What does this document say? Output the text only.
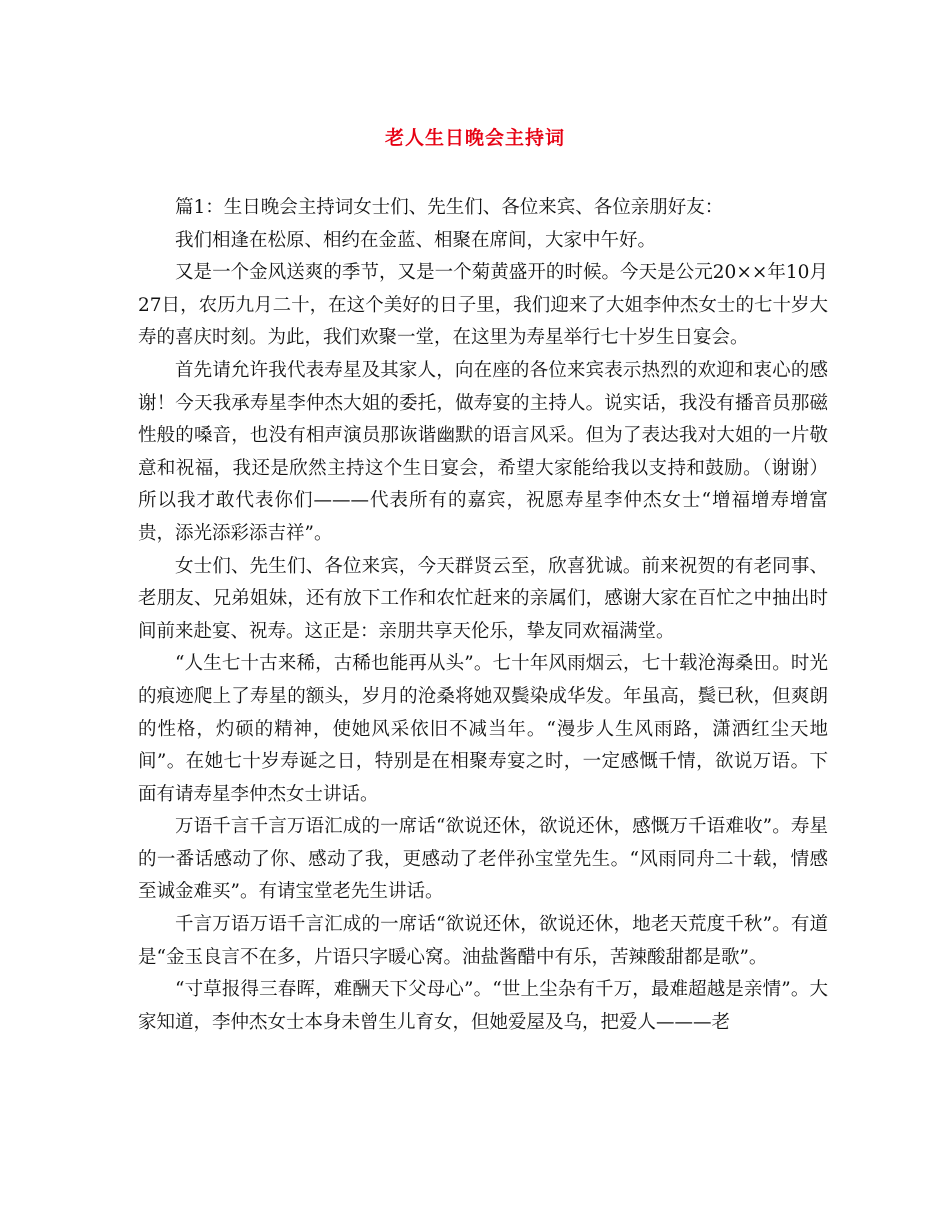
老人生日晚会主持词

篇1：生日晚会主持词女士们、先生们、各位来宾、各位亲朋好友：

我们相逢在松原、相约在金蓝、相聚在席间，大家中午好。

又是一个金风送爽的季节，又是一个菊黄盛开的时候。今天是公元20××年10月27日，农历九月二十，在这个美好的日子里，我们迎来了大姐李仲杰女士的七十岁大寿的喜庆时刻。为此，我们欢聚一堂，在这里为寿星举行七十岁生日宴会。

首先请允许我代表寿星及其家人，向在座的各位来宾表示热烈的欢迎和衷心的感谢！今天我承寿星李仲杰大姐的委托，做寿宴的主持人。说实话，我没有播音员那磁性般的嗓音，也没有相声演员那诙谐幽默的语言风采。但为了表达我对大姐的一片敬意和祝福，我还是欣然主持这个生日宴会，希望大家能给我以支持和鼓励。（谢谢）所以我才敢代表你们———代表所有的嘉宾，祝愿寿星李仲杰女士“增福增寿增富贵，添光添彩添吉祥”。

女士们、先生们、各位来宾，今天群贤云至，欣喜犹诚。前来祝贺的有老同事、老朋友、兄弟姐妹，还有放下工作和农忙赶来的亲属们，感谢大家在百忙之中抽出时间前来赴宴、祝寿。这正是：亲朋共享天伦乐，挚友同欢福满堂。

“人生七十古来稀，古稀也能再从头”。七十年风雨烟云，七十载沧海桑田。时光的痕迹爬上了寿星的额头，岁月的沧桑将她双鬓染成华发。年虽高，鬓已秋，但爽朗的性格，灼硕的精神，使她风采依旧不减当年。“漫步人生风雨路，潇洒红尘天地间”。在她七十岁寿诞之日，特别是在相聚寿宴之时，一定感慨千情，欲说万语。下面有请寿星李仲杰女士讲话。

万语千言千言万语汇成的一席话“欲说还休，欲说还休，感慨万千语难收”。寿星的一番话感动了你、感动了我，更感动了老伴孙宝堂先生。“风雨同舟二十载，情感至诚金难买”。有请宝堂老先生讲话。

千言万语万语千言汇成的一席话“欲说还休，欲说还休，地老天荒度千秋”。有道是“金玉良言不在多，片语只字暖心窝。油盐酱醋中有乐，苦辣酸甜都是歌”。

“寸草报得三春晖，难酬天下父母心”。“世上尘杂有千万，最难超越是亲情”。大家知道，李仲杰女士本身未曾生儿育女，但她爱屋及乌，把爱人———老
